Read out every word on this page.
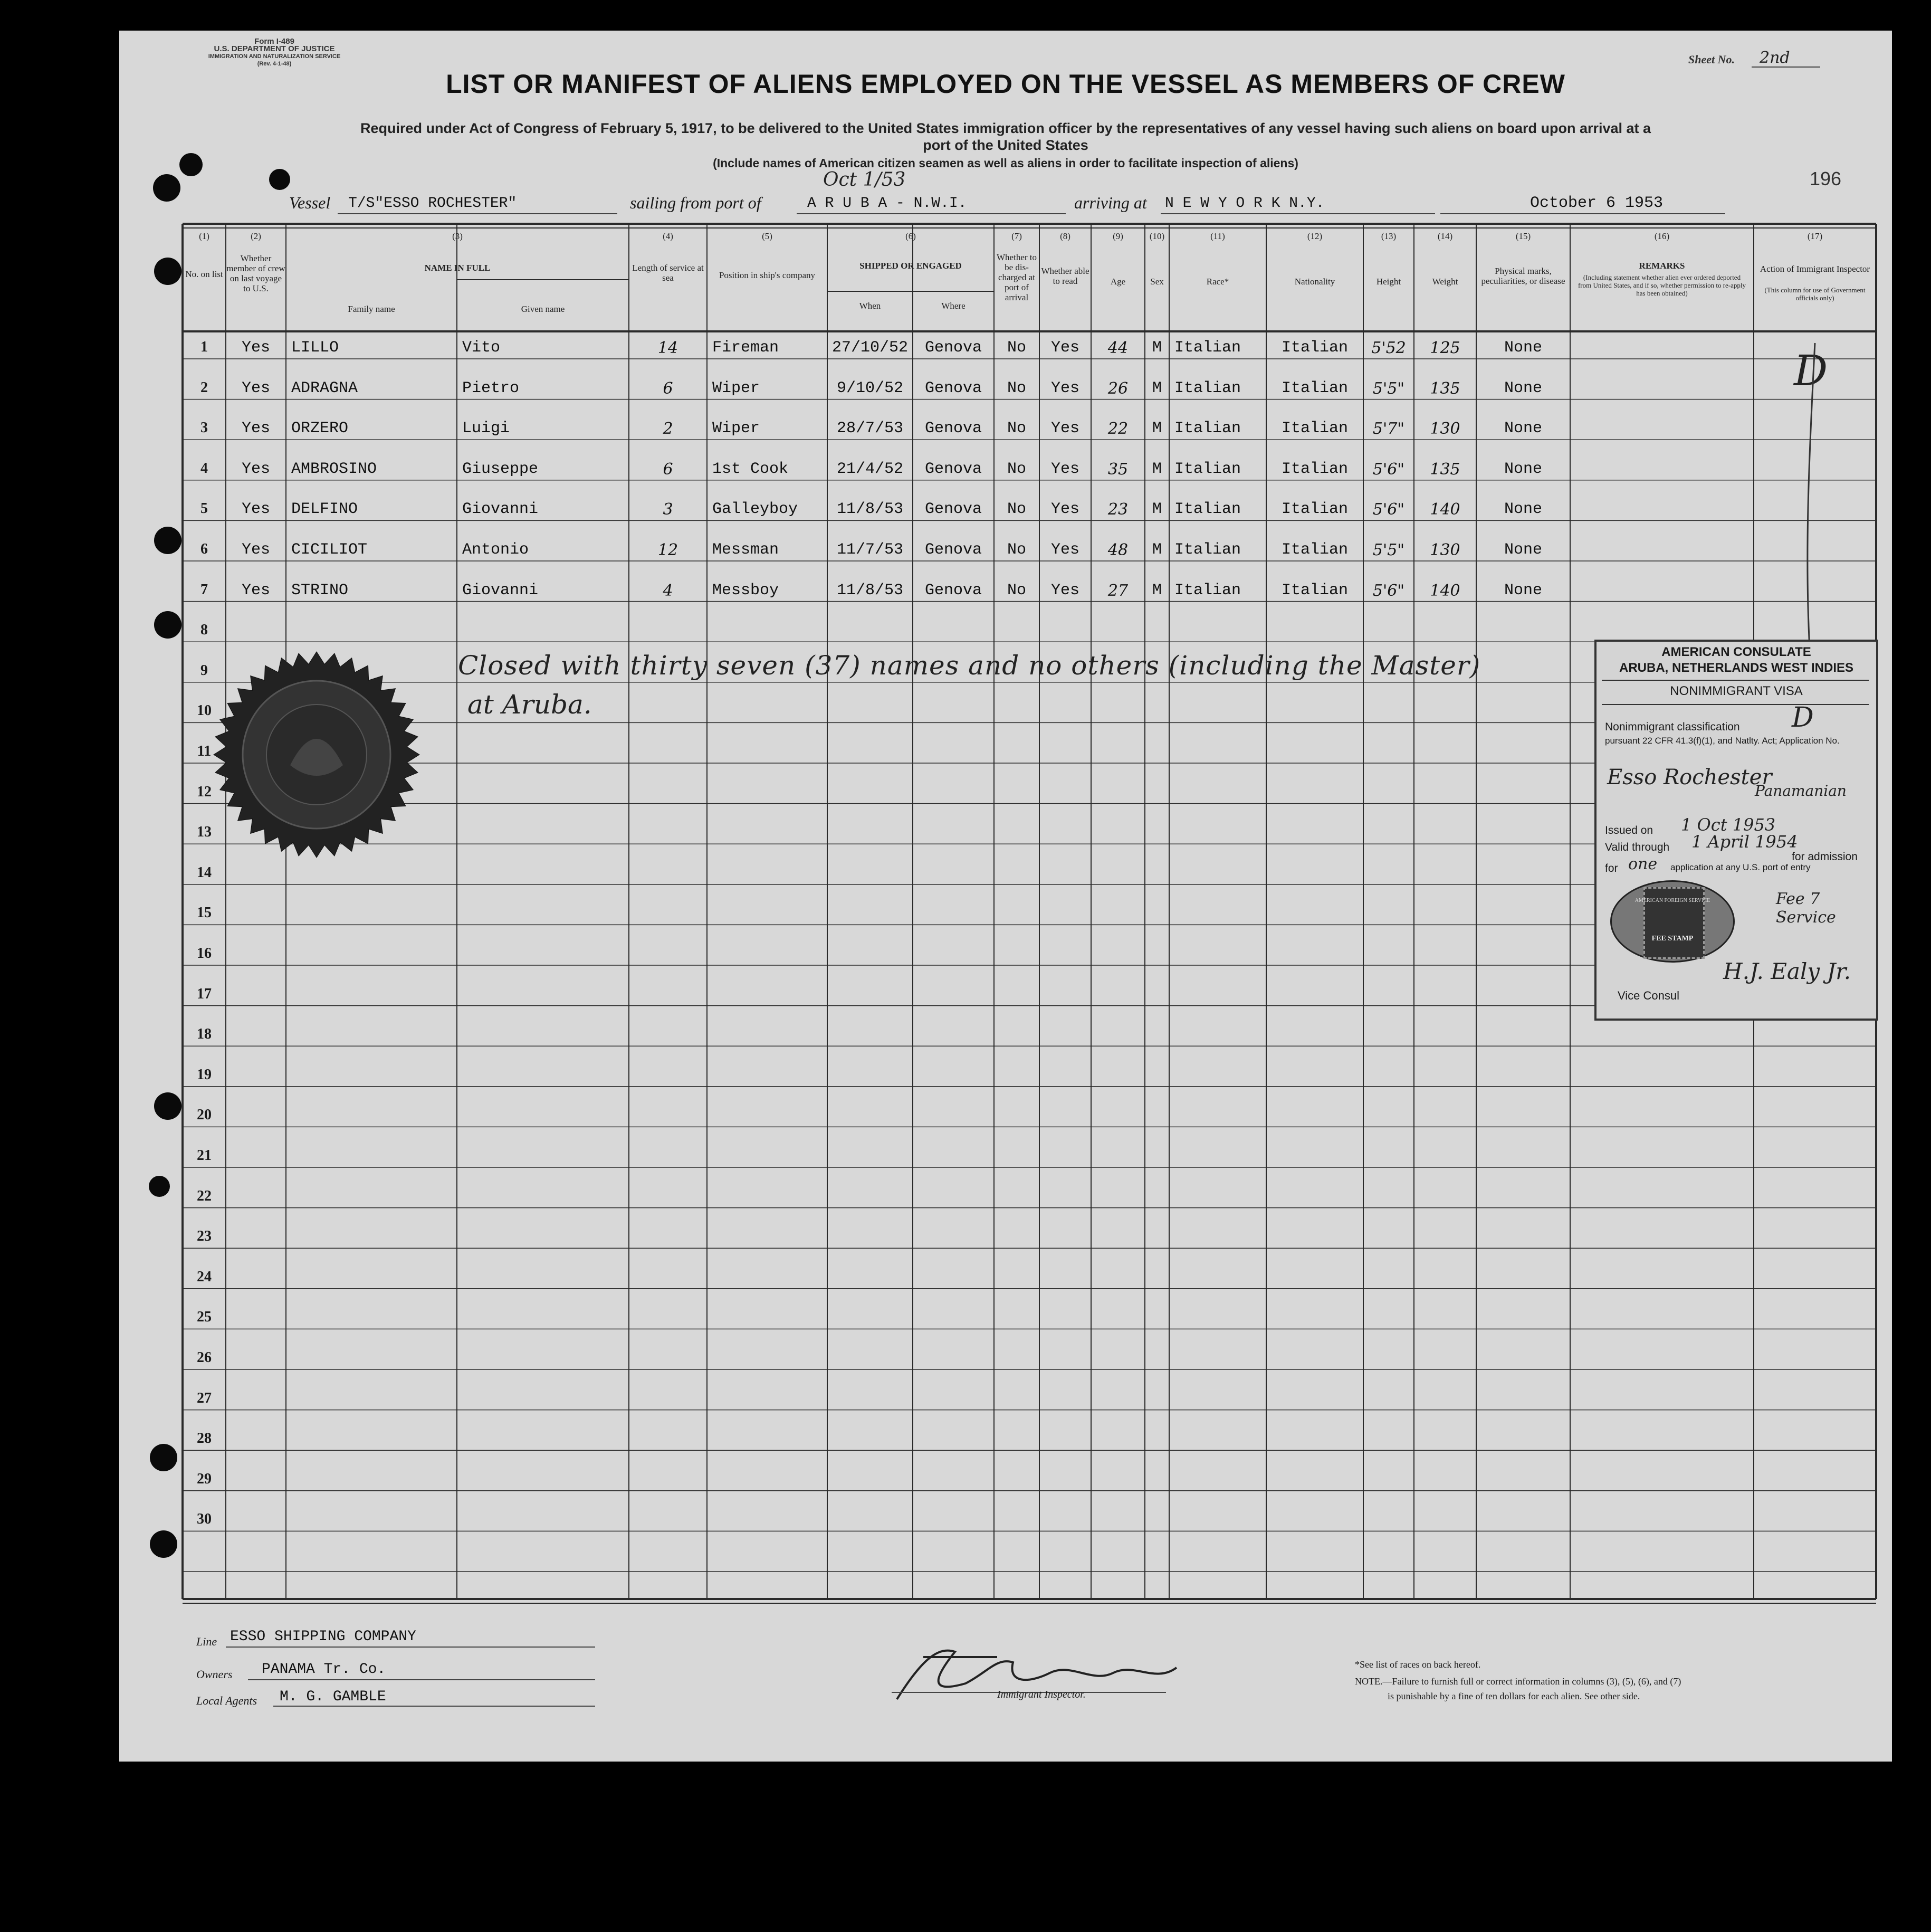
Form I-489
U.S. DEPARTMENT OF JUSTICE
IMMIGRATION AND NATURALIZATION SERVICE
(Rev. 4-1-48)	Sheet No. 2nd
LIST OR MANIFEST OF ALIENS EMPLOYED ON THE VESSEL AS MEMBERS OF CREW
Required under Act of Congress of February 5, 1917, to be delivered to the United States immigration officer by the representatives of any vessel having such aliens on board upon arrival at a
port of the United States
(Include names of American citizen seamen as well as aliens in order to facilitate inspection of aliens)
196
Vessel T/S"ESSO ROCHESTER"	sailing from port of	A R U B A - N.W.I.
Oct 1/53
arriving at N E W Y O R K N.Y.	October 6 1953
(1)	(2)	(3)	(4)	(5)	(6)	(7)	(8)	(9)	(10)	(11)	(12)	(13)	(14)	(15)	(16)	(17)
No. on list
Whether member of crew on last voyage to U.S.
NAME IN FULL
Family name	Given name
Length of service at sea	Position in ship's company
SHIPPED OR ENGAGED
When	Where
Whether to be dis-charged at port of arrival
Whether able to read	Age	Sex	Race*	Nationality	Height	Weight
Physical marks, peculiarities, or disease
REMARKS
(Including statement whether alien ever ordered deported from United States, and if so, whether permission to re-apply has been obtained)
Action of Immigrant Inspector
(This column for use of Government officials only)
1	Yes	LILLO	Vito	14	Fireman	27/10/52	Genova	No	Yes	44	M Italian	Italian	5'52	125	None
2	Yes	ADRAGNA	Pietro	6	Wiper	9/10/52	Genova	No	Yes	26	M Italian	Italian	5'5"	135	None
3	Yes	ORZERO	Luigi	2	Wiper	28/7/53	Genova	No	Yes	22	M Italian	Italian	5'7"	130	None
4	Yes	AMBROSINO	Giuseppe	6	1st Cook	21/4/52	Genova	No	Yes	35	M Italian	Italian	5'6"	135	None
5	Yes	DELFINO	Giovanni	3	Galleyboy	11/8/53	Genova	No	Yes	23	M Italian	Italian	5'6"	140	None
6	Yes	CICILIOT	Antonio	12	Messman	11/7/53	Genova	No	Yes	48	M Italian	Italian	5'5"	130	None
7	Yes	STRINO	Giovanni	4	Messboy	11/8/53	Genova	No	Yes	27	M Italian	Italian	5'6"	140	None
8
9
10
11
12
13
14
15
16
17
18
19
20
21
22
23
24
25
26
27
28
29
30
Closed with thirty seven (37) names and no others (including the Master)
at Aruba.
D
AMERICAN CONSULATE
ARUBA, NETHERLANDS WEST INDIES
NONIMMIGRANT VISA
Nonimmigrant classification D
pursuant 22 CFR 41.3(f)(1), and Natlty. Act; Application No.
Esso Rochester
Panamanian
Issued on 1 Oct 1953
Valid through 1 April 1954
for admission
for one application at any U.S. port of entry
AMERICAN FOREIGN SERVICE
FEE STAMP
Fee 7 Service
H.J. Ealy Jr.
Vice Consul
Line ESSO SHIPPING COMPANY
Owners PANAMA Tr. Co.
Local Agents M. G. GAMBLE	Immigrant Inspector.
*See list of races on back hereof.
NOTE.—Failure to furnish full or correct information in columns (3), (5), (6), and (7)
is punishable by a fine of ten dollars for each alien. See other side.
